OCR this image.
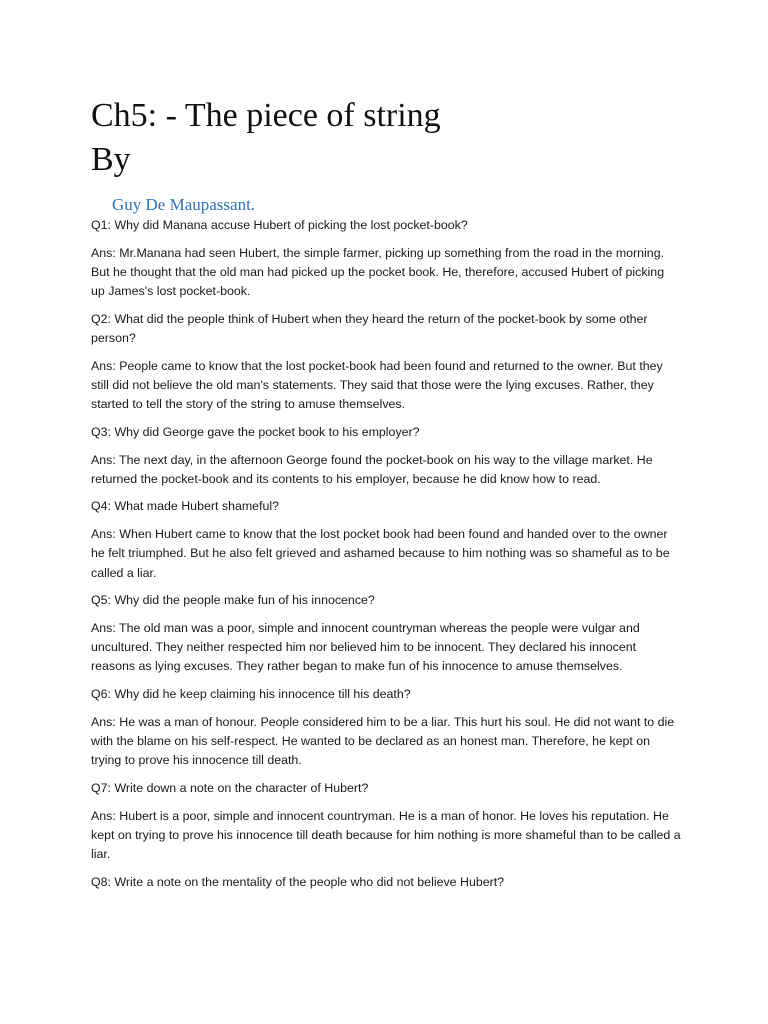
Ch5: - The piece of string
By
Guy De Maupassant.

Q1: Why did Manana accuse Hubert of picking the lost pocket-book?

Ans: Mr.Manana had seen Hubert, the simple farmer, picking up something from the road in the morning. But he thought that the old man had picked up the pocket book. He, therefore, accused Hubert of picking up James's lost pocket-book.

Q2: What did the people think of Hubert when they heard the return of the pocket-book by some other person?

Ans: People came to know that the lost pocket-book had been found and returned to the owner. But they still did not believe the old man's statements. They said that those were the lying excuses. Rather, they started to tell the story of the string to amuse themselves.

Q3: Why did George gave the pocket book to his employer?

Ans: The next day, in the afternoon George found the pocket-book on his way to the village market. He returned the pocket-book and its contents to his employer, because he did know how to read.

Q4: What made Hubert shameful?

Ans: When Hubert came to know that the lost pocket book had been found and handed over to the owner he felt triumphed. But he also felt grieved and ashamed because to him nothing was so shameful as to be called a liar.

Q5: Why did the people make fun of his innocence?

Ans: The old man was a poor, simple and innocent countryman whereas the people were vulgar and uncultured. They neither respected him nor believed him to be innocent. They declared his innocent reasons as lying excuses. They rather began to make fun of his innocence to amuse themselves.

Q6: Why did he keep claiming his innocence till his death?

Ans: He was a man of honour. People considered him to be a liar. This hurt his soul. He did not want to die with the blame on his self-respect. He wanted to be declared as an honest man. Therefore, he kept on trying to prove his innocence till death.

Q7: Write down a note on the character of Hubert?

Ans: Hubert is a poor, simple and innocent countryman. He is a man of honor. He loves his reputation. He kept on trying to prove his innocence till death because for him nothing is more shameful than to be called a liar.

Q8: Write a note on the mentality of the people who did not believe Hubert?
